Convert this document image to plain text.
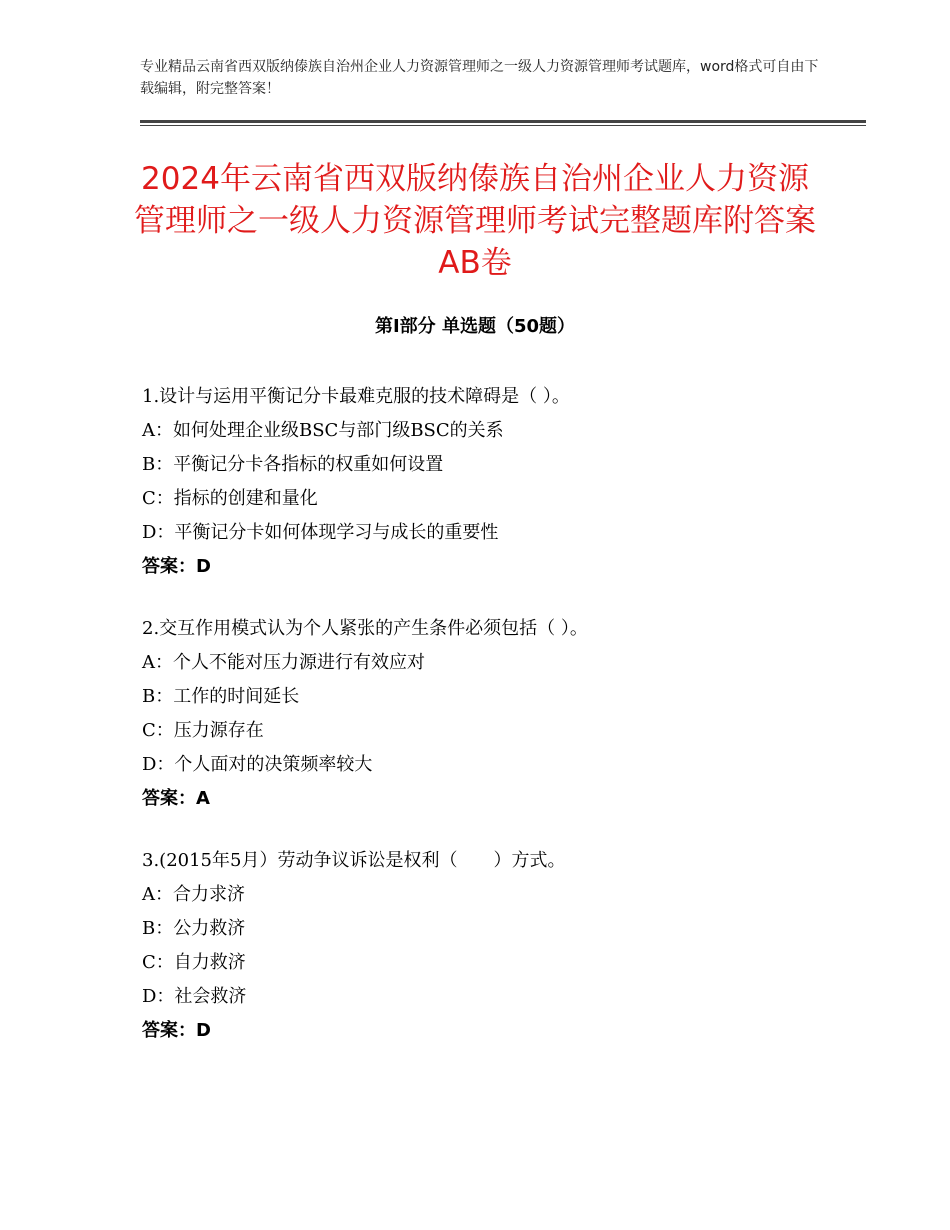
专业精品云南省西双版纳傣族自治州企业人力资源管理师之一级人力资源管理师考试题库，word格式可自由下载编辑，附完整答案！
2024年云南省西双版纳傣族自治州企业人力资源管理师之一级人力资源管理师考试完整题库附答案AB卷
第Ⅰ部分 单选题（50题）
1.设计与运用平衡记分卡最难克服的技术障碍是（ ）。
A：如何处理企业级BSC与部门级BSC的关系
B：平衡记分卡各指标的权重如何设置
C：指标的创建和量化
D：平衡记分卡如何体现学习与成长的重要性
答案：D
2.交互作用模式认为个人紧张的产生条件必须包括（ ）。
A：个人不能对压力源进行有效应对
B：工作的时间延长
C：压力源存在
D：个人面对的决策频率较大
答案：A
3.(2015年5月）劳动争议诉讼是权利（　　）方式。
A：合力求济
B：公力救济
C：自力救济
D：社会救济
答案：D
